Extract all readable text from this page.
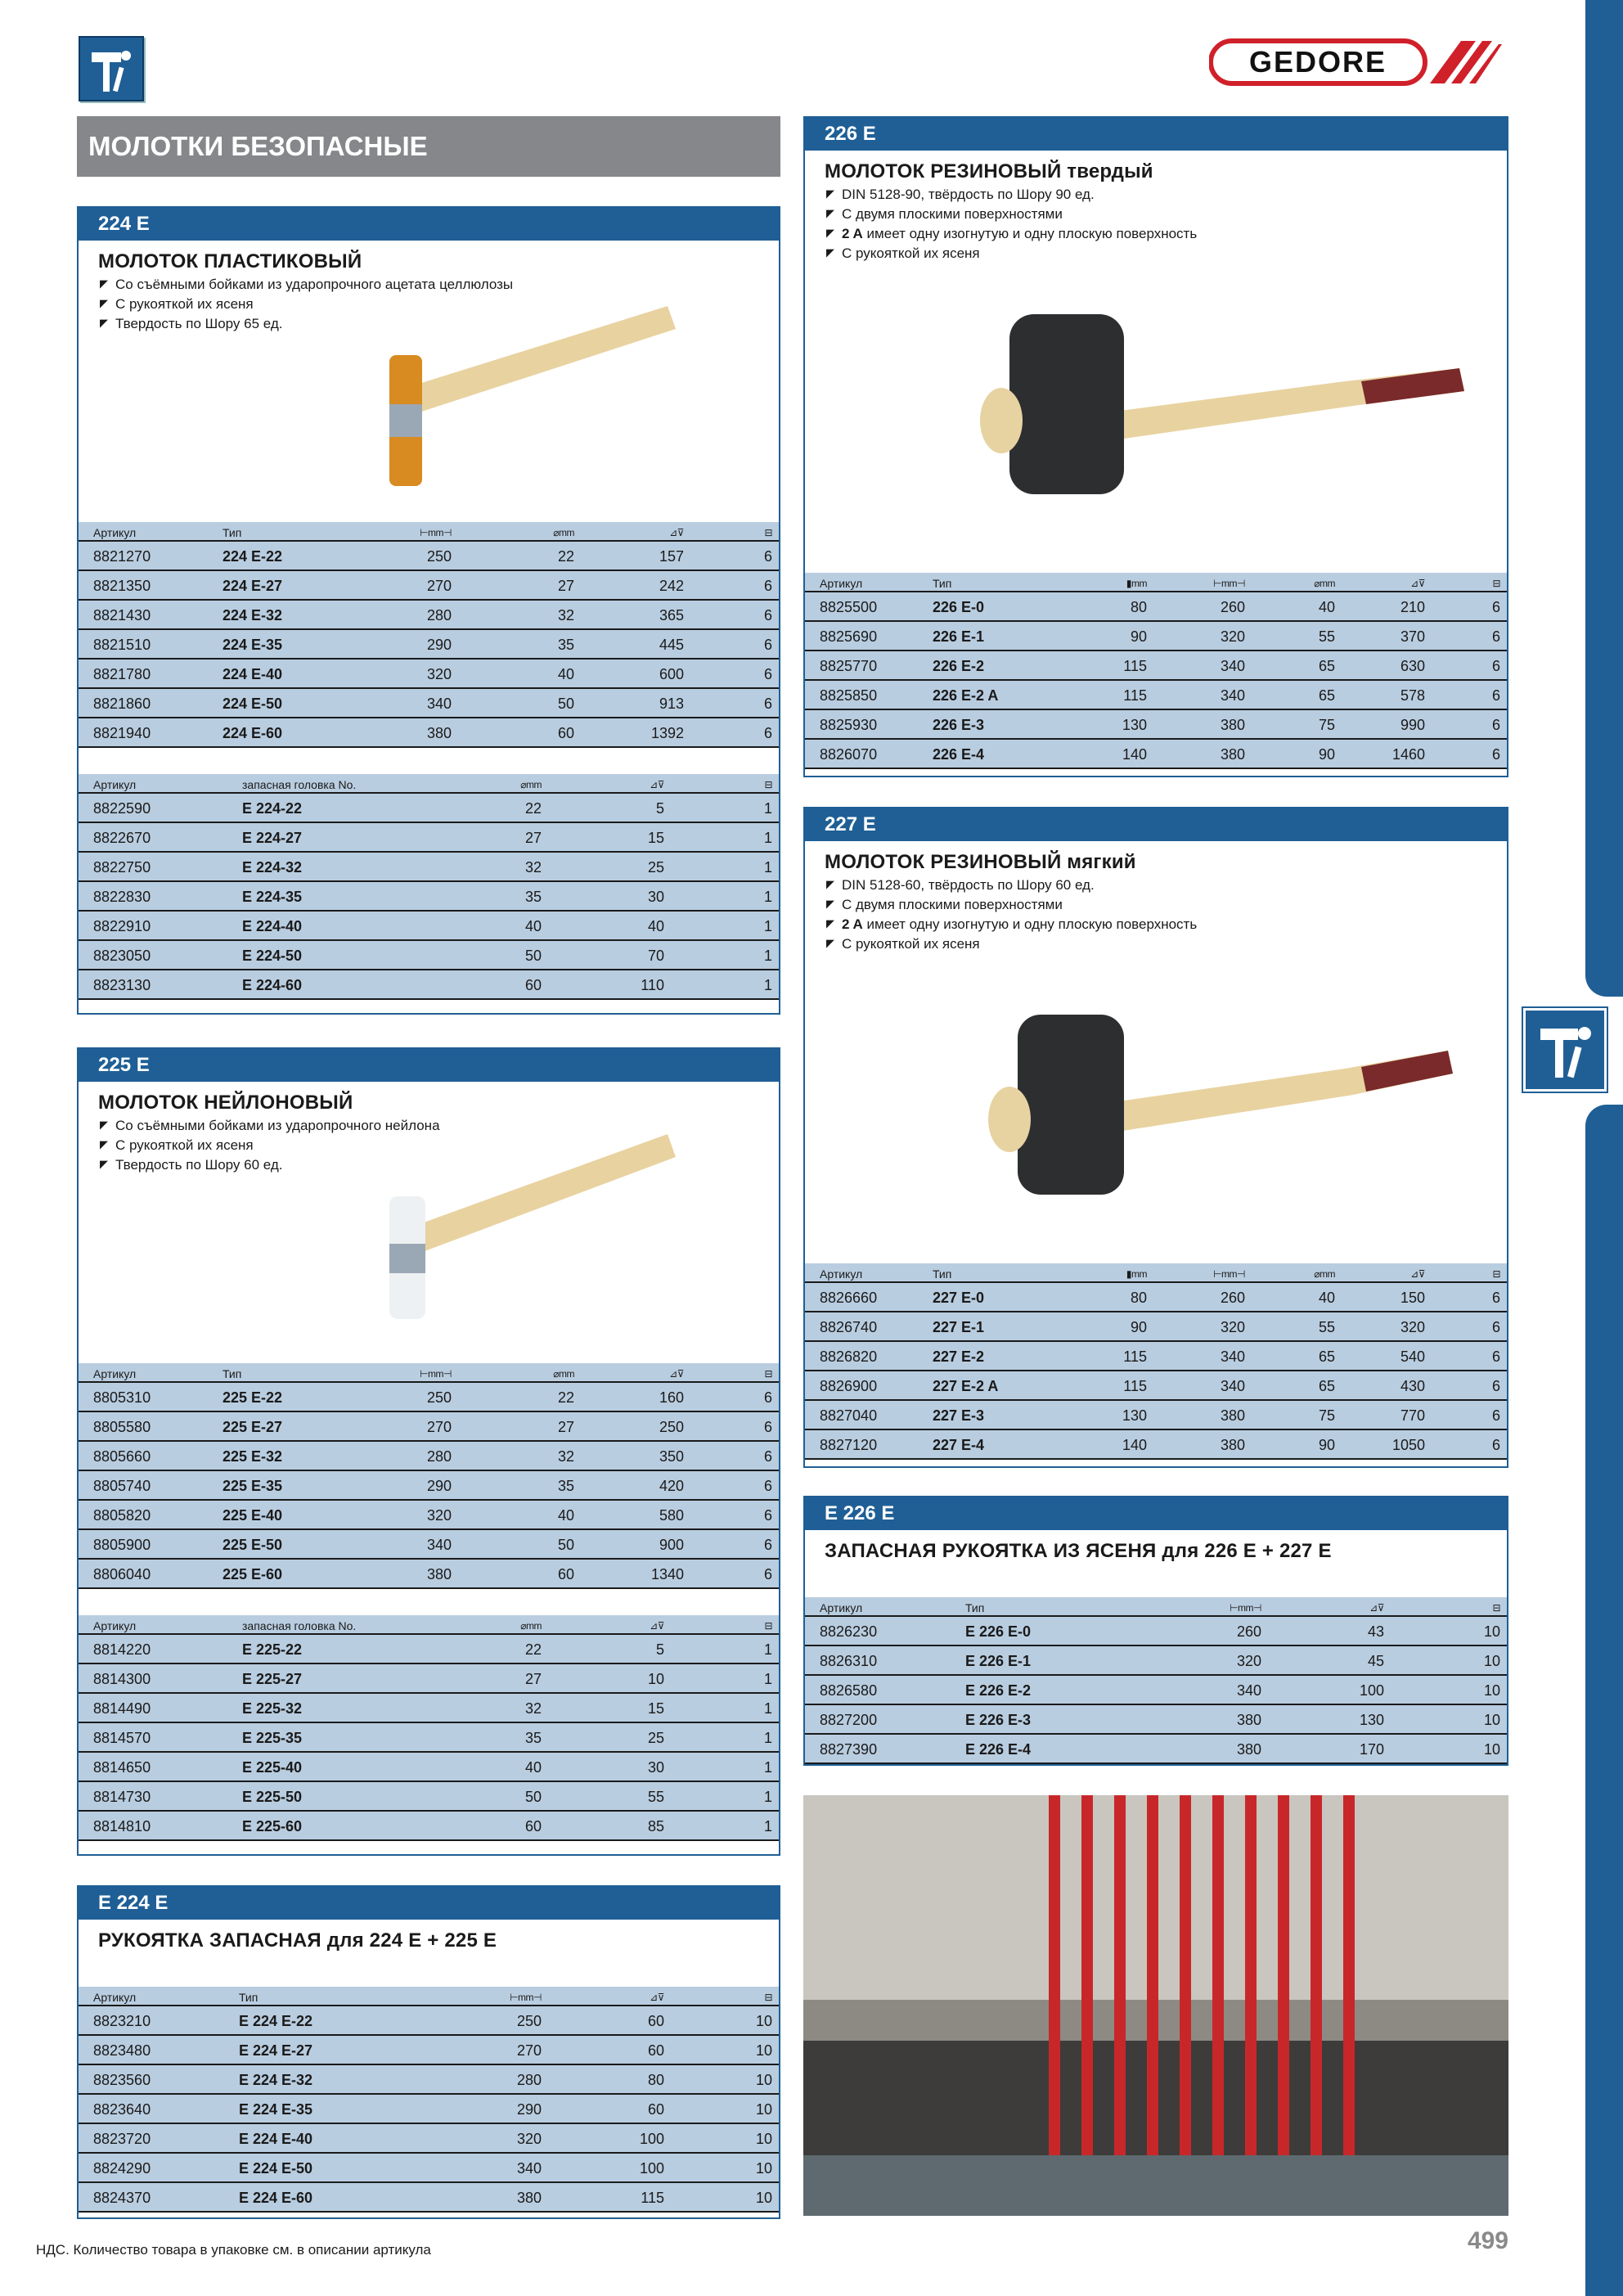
GEDORE
МОЛОТКИ БЕЗОПАСНЫЕ
224 E
МОЛОТОК ПЛАСТИКОВЫЙ
◤ Со съёмными бойками из ударопрочного ацетата целлюлозы
◤ С рукояткой их ясеня
◤ Твердость по Шору 65 ед.
Артикул	Тип	⊢mm⊣	⌀mm	⊿⊽	⊟
8821270	224 E-22	250	22	157	6
8821350	224 E-27	270	27	242	6
8821430	224 E-32	280	32	365	6
8821510	224 E-35	290	35	445	6
8821780	224 E-40	320	40	600	6
8821860	224 E-50	340	50	913	6
8821940	224 E-60	380	60	1392	6
Артикул	запасная головка No.	⌀mm	⊿⊽	⊟
8822590	E 224-22	22	5	1
8822670	E 224-27	27	15	1
8822750	E 224-32	32	25	1
8822830	E 224-35	35	30	1
8822910	E 224-40	40	40	1
8823050	E 224-50	50	70	1
8823130	E 224-60	60	110	1
225 E
МОЛОТОК НЕЙЛОНОВЫЙ
◤ Со съёмными бойками из ударопрочного нейлона
◤ С рукояткой их ясеня
◤ Твердость по Шору 60 ед.
Артикул	Тип	⊢mm⊣	⌀mm	⊿⊽	⊟
8805310	225 E-22	250	22	160	6
8805580	225 E-27	270	27	250	6
8805660	225 E-32	280	32	350	6
8805740	225 E-35	290	35	420	6
8805820	225 E-40	320	40	580	6
8805900	225 E-50	340	50	900	6
8806040	225 E-60	380	60	1340	6
Артикул	запасная головка No.	⌀mm	⊿⊽	⊟
8814220	E 225-22	22	5	1
8814300	E 225-27	27	10	1
8814490	E 225-32	32	15	1
8814570	E 225-35	35	25	1
8814650	E 225-40	40	30	1
8814730	E 225-50	50	55	1
8814810	E 225-60	60	85	1
E 224 E
РУКОЯТКА ЗАПАСНАЯ для 224 E + 225 E
Артикул	Тип	⊢mm⊣	⊿⊽	⊟
8823210	E 224 E-22	250	60	10
8823480	E 224 E-27	270	60	10
8823560	E 224 E-32	280	80	10
8823640	E 224 E-35	290	60	10
8823720	E 224 E-40	320	100	10
8824290	E 224 E-50	340	100	10
8824370	E 224 E-60	380	115	10
226 E
МОЛОТОК РЕЗИНОВЫЙ твердый
◤ DIN 5128-90, твёрдость по Шору 90 ед.
◤ С двумя плоскими поверхностями
◤ 2 A имеет одну изогнутую и одну плоскую поверхность
◤ С рукояткой их ясеня
Артикул	Тип	▮mm	⊢mm⊣	⌀mm	⊿⊽	⊟
8825500	226 E-0	80	260	40	210	6
8825690	226 E-1	90	320	55	370	6
8825770	226 E-2	115	340	65	630	6
8825850	226 E-2 A	115	340	65	578	6
8825930	226 E-3	130	380	75	990	6
8826070	226 E-4	140	380	90	1460	6
227 E
МОЛОТОК РЕЗИНОВЫЙ мягкий
◤ DIN 5128-60, твёрдость по Шору 60 ед.
◤ С двумя плоскими поверхностями
◤ 2 A имеет одну изогнутую и одну плоскую поверхность
◤ С рукояткой их ясеня
Артикул	Тип	▮mm	⊢mm⊣	⌀mm	⊿⊽	⊟
8826660	227 E-0	80	260	40	150	6
8826740	227 E-1	90	320	55	320	6
8826820	227 E-2	115	340	65	540	6
8826900	227 E-2 A	115	340	65	430	6
8827040	227 E-3	130	380	75	770	6
8827120	227 E-4	140	380	90	1050	6
E 226 E
ЗАПАСНАЯ РУКОЯТКА ИЗ ЯСЕНЯ для 226 E + 227 E
Артикул	Тип	⊢mm⊣	⊿⊽	⊟
8826230	E 226 E-0	260	43	10
8826310	E 226 E-1	320	45	10
8826580	E 226 E-2	340	100	10
8827200	E 226 E-3	380	130	10
8827390	E 226 E-4	380	170	10
НДС. Количество товара в упаковке см. в описании артикула	499
